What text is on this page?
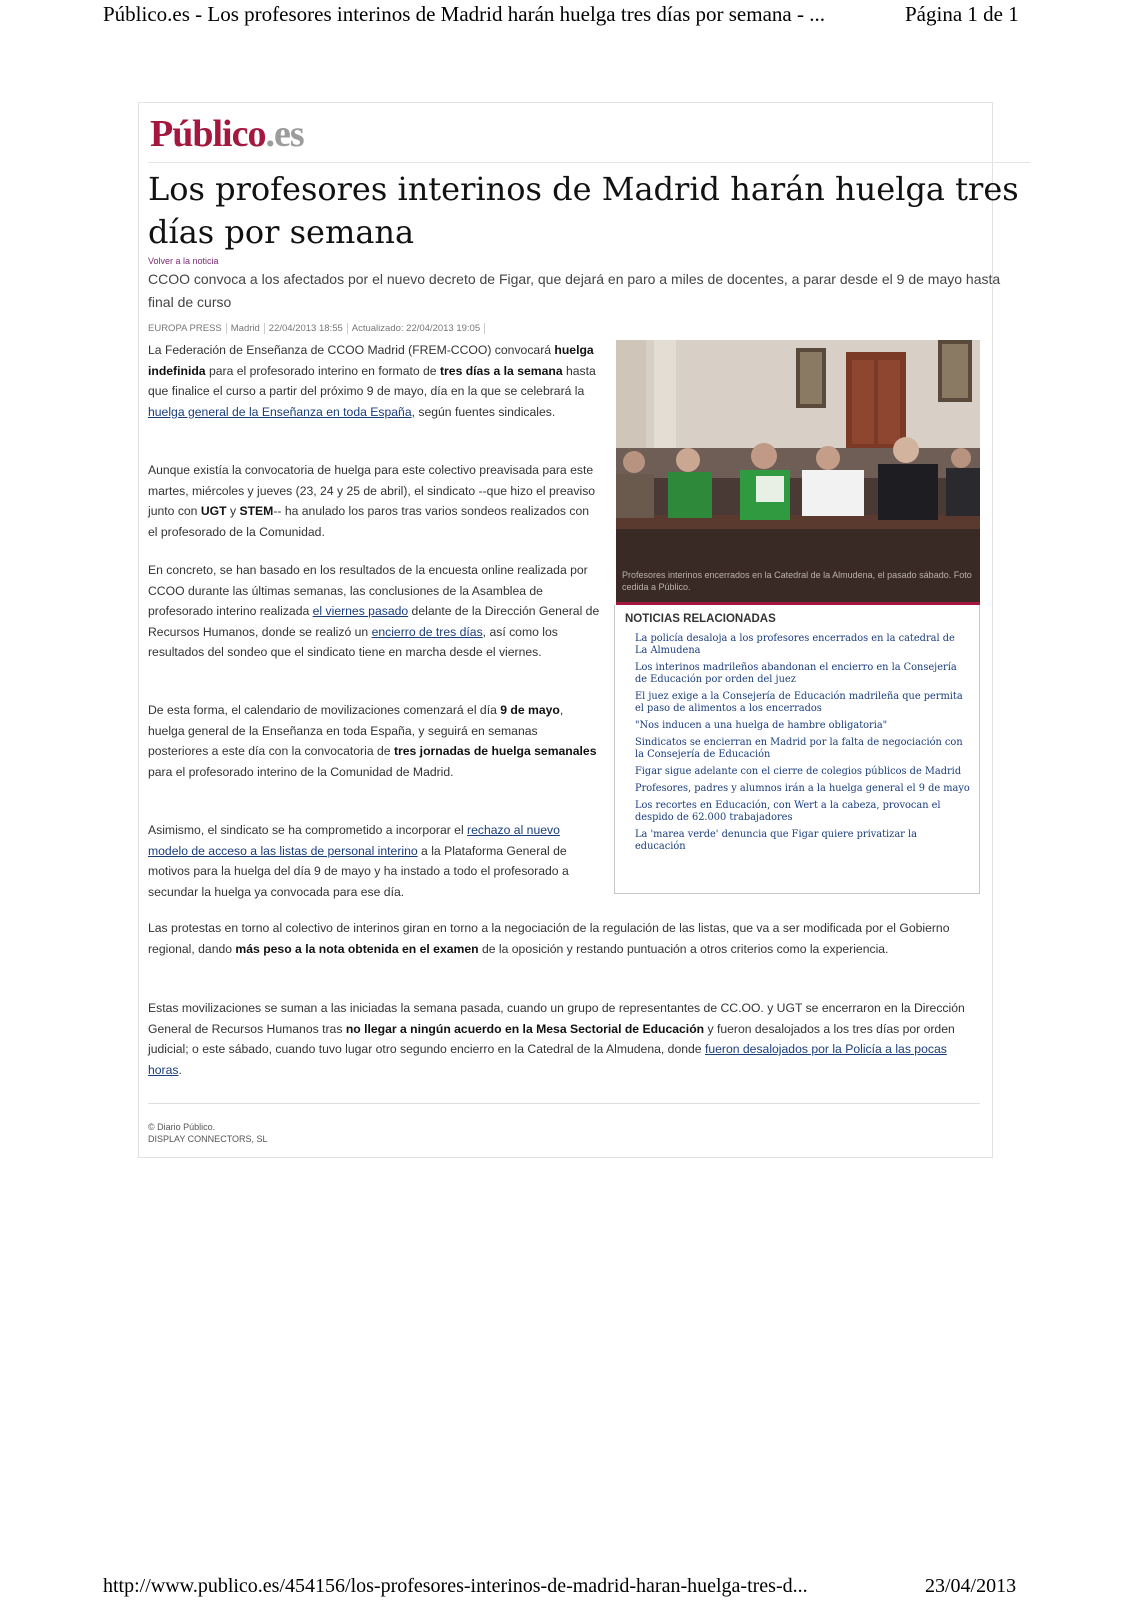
Público.es - Los profesores interinos de Madrid harán huelga tres días por semana - ...	Página 1 de 1
Público.es
Los profesores interinos de Madrid harán huelga tres días por semana
Volver a la noticia

CCOO convoca a los afectados por el nuevo decreto de Figar, que dejará en paro a miles de docentes, a parar desde el 9 de mayo hasta final de curso

EUROPA PRESS Madrid 22/04/2013 18:55 Actualizado: 22/04/2013 19:05

La Federación de Enseñanza de CCOO Madrid (FREM-CCOO) convocará huelga indefinida para el profesorado interino en formato de tres días a la semana hasta que finalice el curso a partir del próximo 9 de mayo, día en la que se celebrará la huelga general de la Enseñanza en toda España, según fuentes sindicales.

Aunque existía la convocatoria de huelga para este colectivo preavisada para este martes, miércoles y jueves (23, 24 y 25 de abril), el sindicato --que hizo el preaviso junto con UGT y STEM-- ha anulado los paros tras varios sondeos realizados con el profesorado de la Comunidad.

En concreto, se han basado en los resultados de la encuesta online realizada por CCOO durante las últimas semanas, las conclusiones de la Asamblea de profesorado interino realizada el viernes pasado delante de la Dirección General de Recursos Humanos, donde se realizó un encierro de tres días, así como los resultados del sondeo que el sindicato tiene en marcha desde el viernes.

De esta forma, el calendario de movilizaciones comenzará el día 9 de mayo, huelga general de la Enseñanza en toda España, y seguirá en semanas posteriores a este día con la convocatoria de tres jornadas de huelga semanales para el profesorado interino de la Comunidad de Madrid.

Asimismo, el sindicato se ha comprometido a incorporar el rechazo al nuevo modelo de acceso a las listas de personal interino a la Plataforma General de motivos para la huelga del día 9 de mayo y ha instado a todo el profesorado a secundar la huelga ya convocada para ese día.

Las protestas en torno al colectivo de interinos giran en torno a la negociación de la regulación de las listas, que va a ser modificada por el Gobierno regional, dando más peso a la nota obtenida en el examen de la oposición y restando puntuación a otros criterios como la experiencia.

Estas movilizaciones se suman a las iniciadas la semana pasada, cuando un grupo de representantes de CC.OO. y UGT se encerraron en la Dirección General de Recursos Humanos tras no llegar a ningún acuerdo en la Mesa Sectorial de Educación y fueron desalojados a los tres días por orden judicial; o este sábado, cuando tuvo lugar otro segundo encierro en la Catedral de la Almudena, donde fueron desalojados por la Policía a las pocas horas.

Profesores interinos encerrados en la Catedral de la Almudena, el pasado sábado. Foto cedida a Público.
NOTICIAS RELACIONADAS
La policía desaloja a los profesores encerrados en la catedral de La Almudena
Los interinos madrileños abandonan el encierro en la Consejería de Educación por orden del juez
El juez exige a la Consejería de Educación madrileña que permita el paso de alimentos a los encerrados
"Nos inducen a una huelga de hambre obligatoria"
Sindicatos se encierran en Madrid por la falta de negociación con la Consejería de Educación
Figar sigue adelante con el cierre de colegios públicos de Madrid
Profesores, padres y alumnos irán a la huelga general el 9 de mayo
Los recortes en Educación, con Wert a la cabeza, provocan el despido de 62.000 trabajadores
La 'marea verde' denuncia que Figar quiere privatizar la educación
© Diario Público.
DISPLAY CONNECTORS, SL
http://www.publico.es/454156/los-profesores-interinos-de-madrid-haran-huelga-tres-d...	23/04/2013
